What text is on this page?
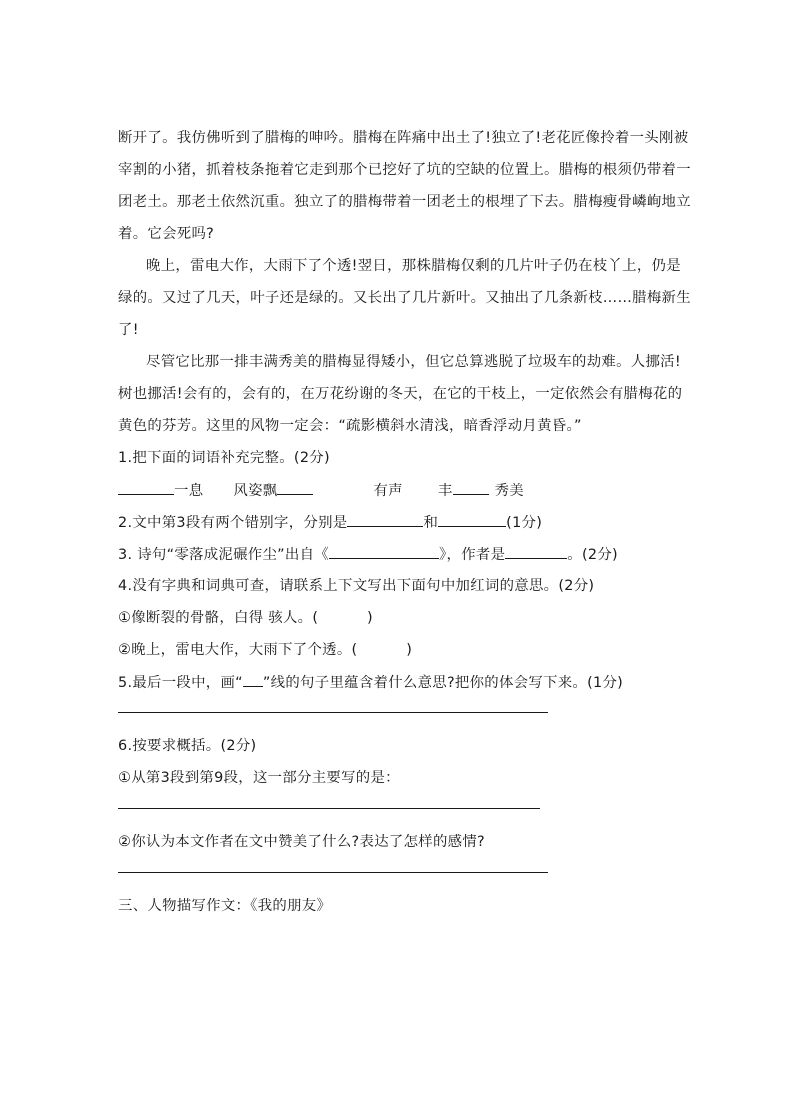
断开了。我仿佛听到了腊梅的呻吟。腊梅在阵痛中出土了!独立了!老花匠像拎着一头刚被
宰割的小猪，抓着枝条拖着它走到那个已挖好了坑的空缺的位置上。腊梅的根须仍带着一
团老土。那老土依然沉重。独立了的腊梅带着一团老土的根埋了下去。腊梅瘦骨嶙峋地立
着。它会死吗?
晚上，雷电大作，大雨下了个透!翌日，那株腊梅仅剩的几片叶子仍在枝丫上，仍是
绿的。又过了几天，叶子还是绿的。又长出了几片新叶。又抽出了几条新枝……腊梅新生
了!
尽管它比那一排丰满秀美的腊梅显得矮小，但它总算逃脱了垃圾车的劫难。人挪活!
树也挪活!会有的，会有的，在万花纷谢的冬天，在它的干枝上，一定依然会有腊梅花的
黄色的芬芳。这里的风物一定会：“疏影横斜水清浅，暗香浮动月黄昏。”
1.把下面的词语补充完整。(2分)
一息 风姿飘	有声 丰	秀美
2.文中第3段有两个错别字，分别是	和	(1分)
3. 诗句“零落成泥碾作尘”出自《	》，作者是	。(2分)
4.没有字典和词典可查，请联系上下文写出下面句中加红词的意思。(2分)
①像断裂的骨骼，白得 骇人。(          )
②晚上，雷电大作，大雨下了个透。(          )
5.最后一段中，画“ ”线的句子里蕴含着什么意思?把你的体会写下来。(1分)
6.按要求概括。(2分)
①从第3段到第9段，这一部分主要写的是：
②你认为本文作者在文中赞美了什么?表达了怎样的感情?
三、人物描写作文：《我的朋友》
